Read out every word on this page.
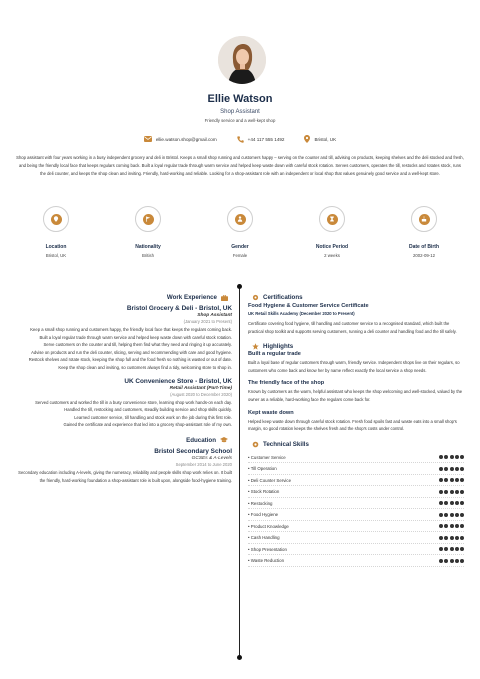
Ellie Watson
Shop Assistant
Friendly service and a well-kept shop
ellie.watson.shop@gmail.com	+44 117 555 1492	Bristol, UK
Shop assistant with four years working in a busy independent grocery and deli in Bristol. Keeps a small shop running and customers happy – serving on the counter and till, advising on products, keeping shelves and the deli stocked and fresh, and being the friendly local face that keeps regulars coming back. Built a loyal regular trade through warm service and helped keep waste down with careful stock rotation. Serves customers, operates the till, restocks and rotates stock, runs the deli counter, and keeps the shop clean and inviting. Friendly, hard-working and reliable. Looking for a shop-assistant role with an independent or local shop that values genuinely good service and a well-kept store.
Location
Bristol, UK
Nationality
British
Gender
Female
Notice Period
2 weeks
Date of Birth
2002-09-12
Work Experience
Bristol Grocery & Deli - Bristol, UK
Shop Assistant
(January 2021 to Present)
Keep a small shop running and customers happy, the friendly local face that keeps the regulars coming back.
Built a loyal regular trade through warm service and helped keep waste down with careful stock rotation.
Serve customers on the counter and till, helping them find what they need and ringing it up accurately.
Advise on products and run the deli counter, slicing, serving and recommending with care and good hygiene.
Restock shelves and rotate stock, keeping the shop full and the food fresh so nothing is wasted or out of date.
Keep the shop clean and inviting, so customers always find a tidy, welcoming store to shop in.
UK Convenience Store - Bristol, UK
Retail Assistant (Part-Time)
(August 2020 to December 2020)
Served customers and worked the till in a busy convenience store, learning shop work hands-on each day.
Handled the till, restocking and customers, steadily building service and shop skills quickly.
Learned customer service, till handling and stock work on the job during this first role.
Gained the certificate and experience that led into a grocery shop-assistant role of my own.
Education
Bristol Secondary School
GCSEs & A-Levels
September 2014 to June 2020
Secondary education including A-levels, giving the numeracy, reliability and people skills shop work relies on. It built the friendly, hard-working foundation a shop-assistant role is built upon, alongside food-hygiene training.
Certifications
Food Hygiene & Customer Service Certificate
UK Retail Skills Academy (December 2020 to Present)
Certificate covering food hygiene, till handling and customer service to a recognised standard, which built the practical shop toolkit and supports serving customers, running a deli counter and handling food and the till safely.
Highlights
Built a regular trade
Built a loyal base of regular customers through warm, friendly service. Independent shops live on their regulars, so customers who come back and know her by name reflect exactly the local service a shop needs.
The friendly face of the shop
Known by customers as the warm, helpful assistant who keeps the shop welcoming and well-stocked, valued by the owner as a reliable, hard-working face the regulars come back for.
Kept waste down
Helped keep waste down through careful stock rotation. Fresh food spoils fast and waste eats into a small shop's margin, so good rotation keeps the shelves fresh and the shop's costs under control.
Technical Skills
• Customer Service
• Till Operation
• Deli Counter Service
• Stock Rotation
• Restocking
• Food Hygiene
• Product Knowledge
• Cash Handling
• Shop Presentation
• Waste Reduction
